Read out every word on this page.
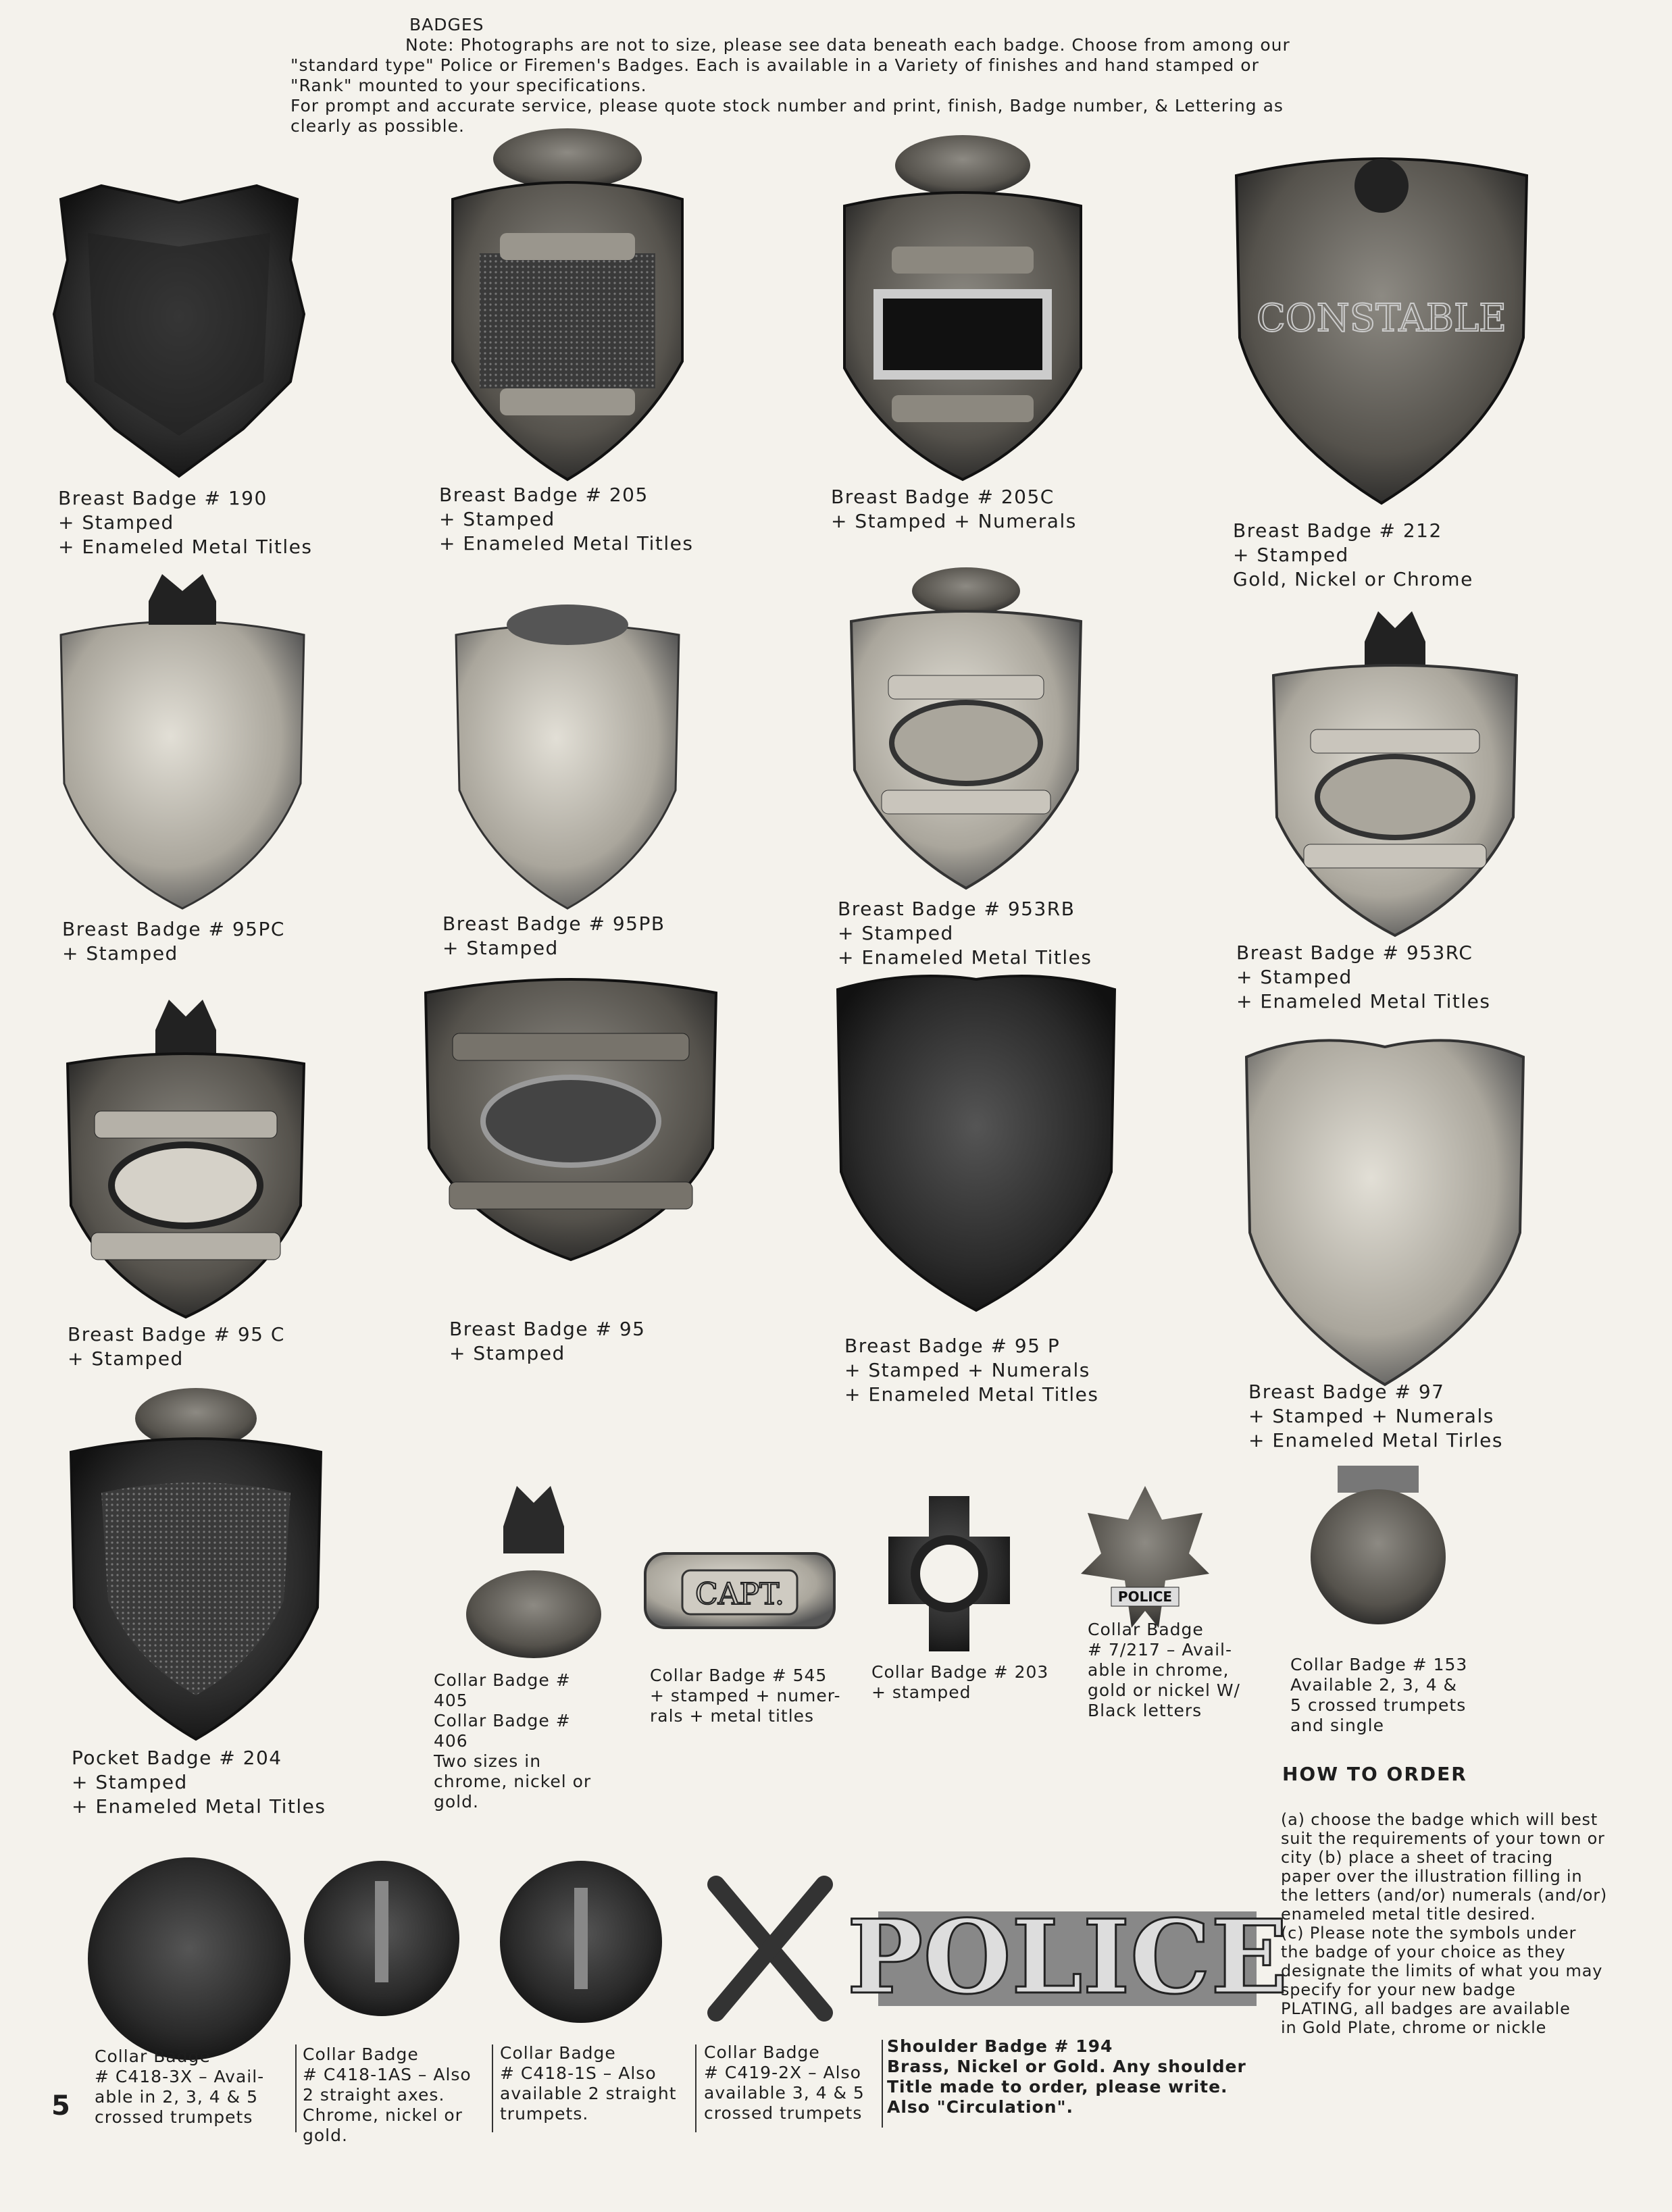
BADGES
Note: Photographs are not to size, please see data beneath each badge. Choose from among our
"standard type" Police or Firemen's Badges. Each is available in a Variety of finishes and hand stamped or
"Rank" mounted to your specifications.
For prompt and accurate service, please quote stock number and print, finish, Badge number, & Lettering as
clearly as possible.
CONSTABLE
Breast Badge # 190
+ Stamped
+ Enameled Metal Titles
Breast Badge # 205
+ Stamped
+ Enameled Metal Titles
Breast Badge # 205C
+ Stamped + Numerals	Breast Badge # 212
+ Stamped
Gold, Nickel or Chrome
Breast Badge # 95PC
+ Stamped
Breast Badge # 95PB
+ Stamped
Breast Badge # 953RB
+ Stamped
+ Enameled Metal Titles	Breast Badge # 953RC
+ Stamped
+ Enameled Metal Titles
Breast Badge # 95 C
+ Stamped
Breast Badge # 95
+ Stamped	Breast Badge # 95 P
+ Stamped + Numerals
+ Enameled Metal Titles	Breast Badge # 97
+ Stamped + Numerals
+ Enameled Metal Tirles
Pocket Badge # 204
+ Stamped
+ Enameled Metal Titles
CAPT.	POLICE
Collar Badge # 405
Collar Badge # 406
Two sizes in
chrome, nickel or
gold.
Collar Badge # 545
+ stamped + numer-
rals + metal titles
Collar Badge # 203
+ stamped
Collar Badge
# 7/217 – Avail-
able in chrome,
gold or nickel W/
Black letters
Collar Badge # 153
Available 2, 3, 4 &
5 crossed trumpets
and single
HOW TO ORDER
(a) choose the badge which will best
suit the requirements of your town or
city (b) place a sheet of tracing
paper over the illustration filling in
the letters (and/or) numerals (and/or)
enameled metal title desired.
(c) Please note the symbols under
the badge of your choice as they
designate the limits of what you may
specify for your new badge
PLATING, all badges are available
in Gold Plate, chrome or nickle
POLICE
Collar Badge
# C418-3X – Avail-
able in 2, 3, 4 & 5
crossed trumpets
Collar Badge
# C418-1AS – Also
2 straight axes.
Chrome, nickel or
gold.
Collar Badge
# C418-1S – Also
available 2 straight
trumpets.
Collar Badge
# C419-2X – Also
available 3, 4 & 5
crossed trumpets
Shoulder Badge # 194
Brass, Nickel or Gold. Any shoulder
Title made to order, please write.
Also "Circulation".
5
